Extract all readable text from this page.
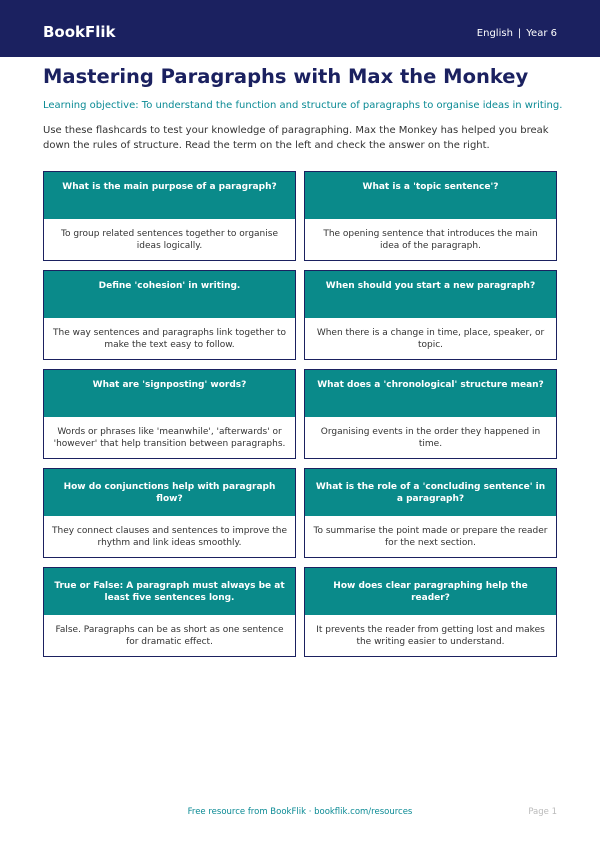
BookFlik	English | Year 6
Mastering Paragraphs with Max the Monkey
Learning objective: To understand the function and structure of paragraphs to organise ideas in writing.
Use these flashcards to test your knowledge of paragraphing. Max the Monkey has helped you break down the rules of structure. Read the term on the left and check the answer on the right.
What is the main purpose of a paragraph?
To group related sentences together to organise ideas logically.
What is a 'topic sentence'?
The opening sentence that introduces the main idea of the paragraph.
Define 'cohesion' in writing.
The way sentences and paragraphs link together to make the text easy to follow.
When should you start a new paragraph?
When there is a change in time, place, speaker, or topic.
What are 'signposting' words?
Words or phrases like 'meanwhile', 'afterwards' or 'however' that help transition between paragraphs.
What does a 'chronological' structure mean?
Organising events in the order they happened in time.
How do conjunctions help with paragraph flow?
They connect clauses and sentences to improve the rhythm and link ideas smoothly.
What is the role of a 'concluding sentence' in a paragraph?
To summarise the point made or prepare the reader for the next section.
True or False: A paragraph must always be at least five sentences long.
False. Paragraphs can be as short as one sentence for dramatic effect.
How does clear paragraphing help the reader?
It prevents the reader from getting lost and makes the writing easier to understand.
Free resource from BookFlik · bookflik.com/resources	Page 1
